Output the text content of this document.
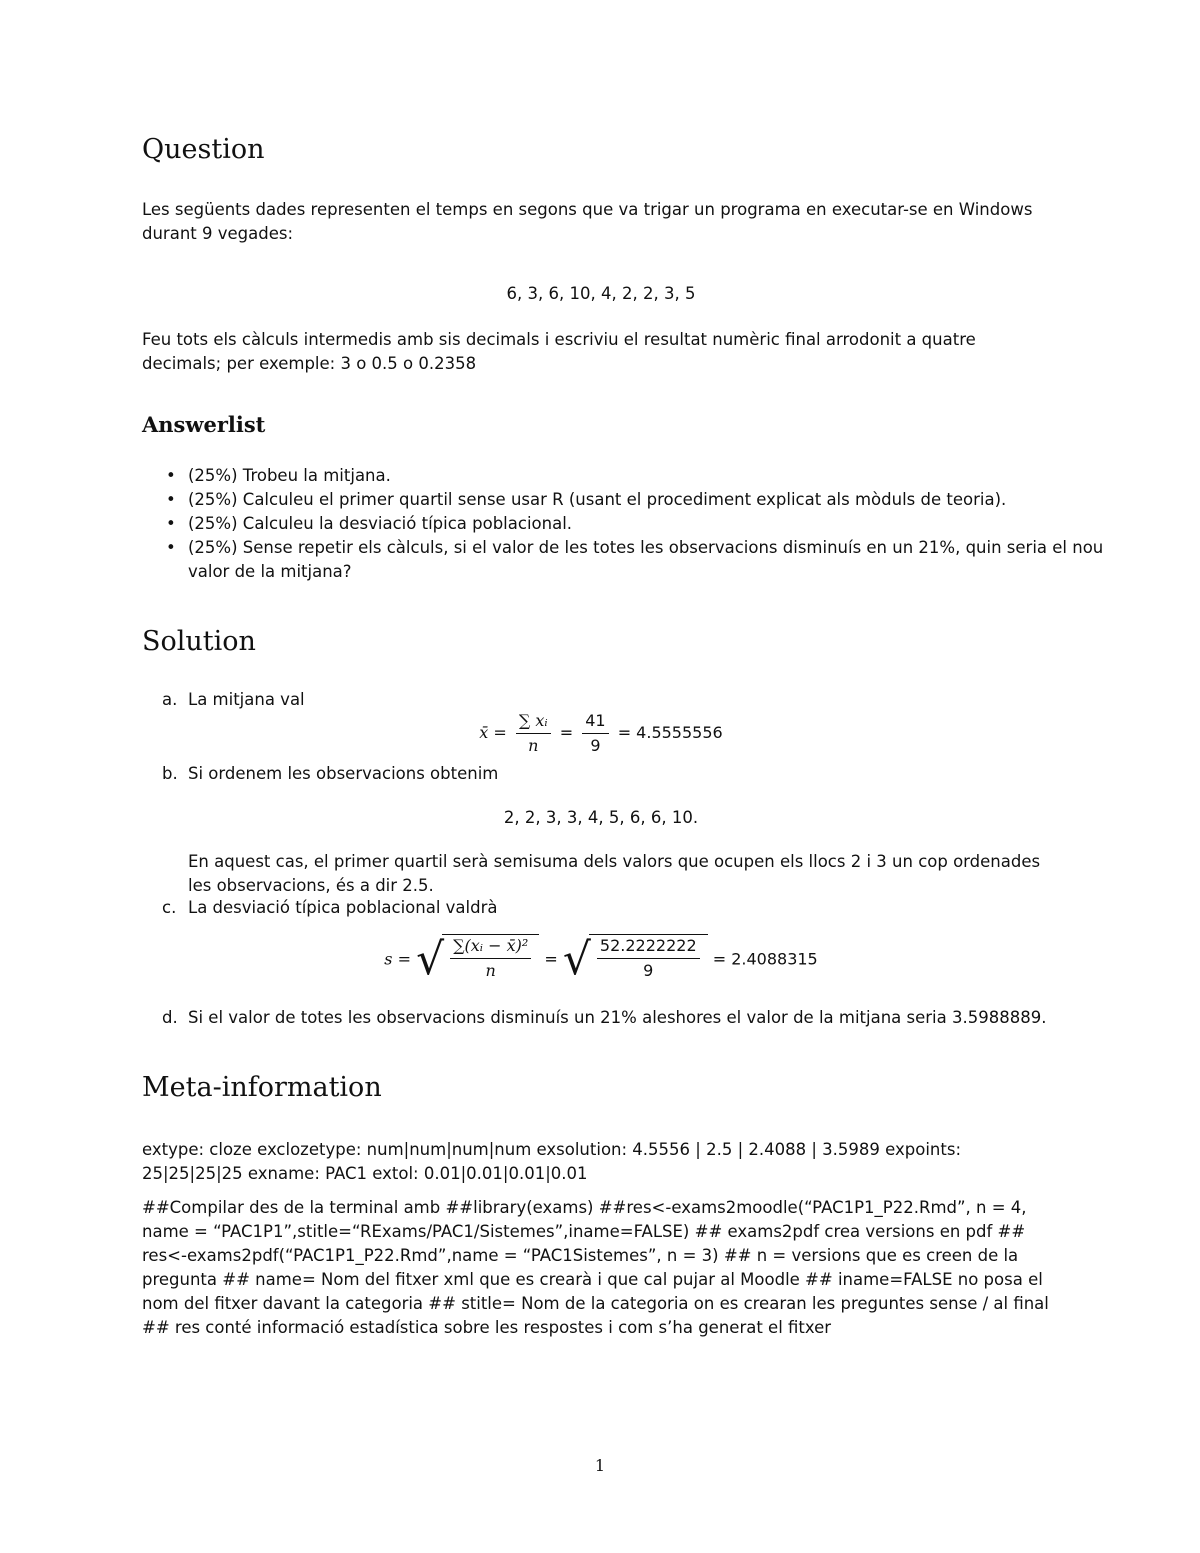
Question

Les següents dades representen el temps en segons que va trigar un programa en executar-se en Windows durant 9 vegades:

6, 3, 6, 10, 4, 2, 2, 3, 5

Feu tots els càlculs intermedis amb sis decimals i escriviu el resultat numèric final arrodonit a quatre decimals; per exemple: 3 o 0.5 o 0.2358

Answerlist
• (25%) Trobeu la mitjana.
• (25%) Calculeu el primer quartil sense usar R (usant el procediment explicat als mòduls de teoria).
• (25%) Calculeu la desviació típica poblacional.
• (25%) Sense repetir els càlculs, si el valor de les totes les observacions disminuís en un 21%, quin seria el nou valor de la mitjana?
Solution
a. La mitjana val
x̄ = $\frac{\text{∑ xᵢ}}{n} = \frac{41}{9} = 4.5555556$
b. Si ordenem les observacions obtenim

2, 2, 3, 3, 4, 5, 6, 6, 10.

En aquest cas, el primer quartil serà semisuma dels valors que ocupen els llocs 2 i 3 un cop ordenades les observacions, és a dir 2.5.

c. La desviació típica poblacional valdrà
s = √ $\frac{\text{∑(xᵢ − x̄)²}}{n}$ = √ $\frac{52.2222222}{9} = 2.4088315$
d. Si el valor de totes les observacions disminuís un 21% aleshores el valor de la mitjana seria 3.5988889.
Meta-information

extype: cloze exclozetype: num|num|num|num exsolution: 4.5556 | 2.5 | 2.4088 | 3.5989 expoints: 25|25|25|25 exname: PAC1 extol: 0.01|0.01|0.01|0.01

##Compilar des de la terminal amb ##library(exams) ##res<-exams2moodle(“PAC1P1_P22.Rmd”, n = 4, name = “PAC1P1”,stitle=“RExams/PAC1/Sistemes”,iname=FALSE) ## exams2pdf crea versions en pdf ## res<-exams2pdf(“PAC1P1_P22.Rmd”,name = “PAC1Sistemes”, n = 3) ## n = versions que es creen de la pregunta ## name= Nom del fitxer xml que es crearà i que cal pujar al Moodle ## iname=FALSE no posa el nom del fitxer davant la categoria ## stitle= Nom de la categoria on es crearan les preguntes sense / al final ## res conté informació estadística sobre les respostes i com s’ha generat el fitxer

1
